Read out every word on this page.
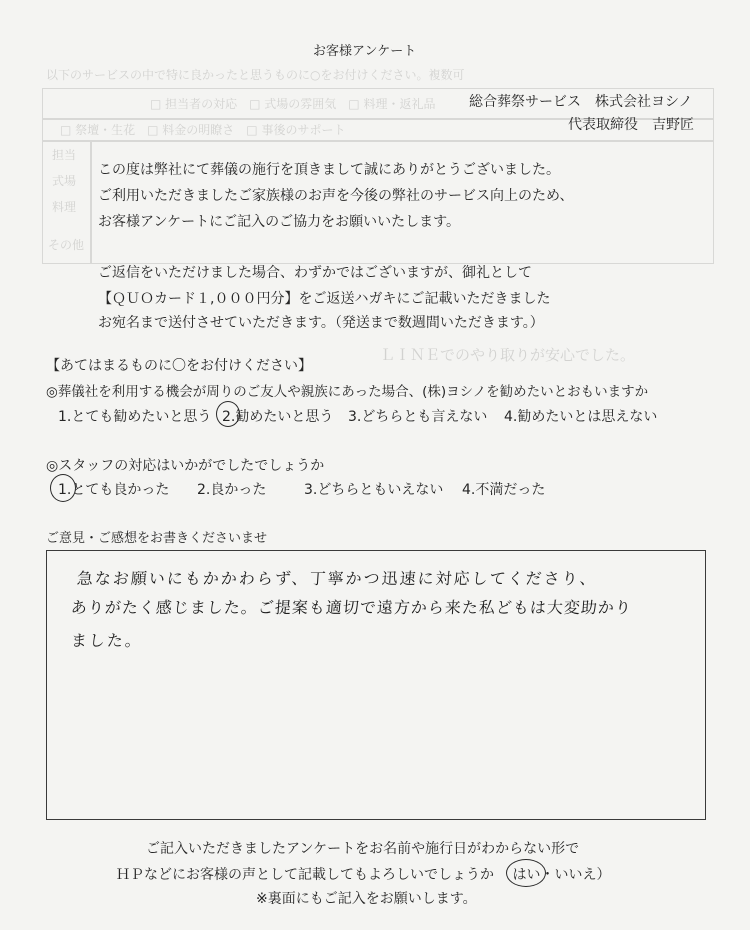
以下のサービスの中で特に良かったと思うものに○をお付けください。複数可
□ 担当者の対応　□ 式場の雰囲気　□ 料理・返礼品
□ 祭壇・生花　□ 料金の明瞭さ　□ 事後のサポート
担当
式場
料理
その他
ＬＩＮＥでのやり取りが安心でした。
お客様アンケート
総合葬祭サービス　株式会社ヨシノ
代表取締役　吉野匠
この度は弊社にて葬儀の施行を頂きまして誠にありがとうございました。
ご利用いただきましたご家族様のお声を今後の弊社のサービス向上のため、
お客様アンケートにご記入のご協力をお願いいたします。
ご返信をいただけました場合、わずかではございますが、御礼として
【ＱＵＯカード１,０００円分】をご返送ハガキにご記載いただきました
お宛名まで送付させていただきます。（発送まで数週間いただきます。）
【あてはまるものに〇をお付けください】
◎葬儀社を利用する機会が周りのご友人や親族にあった場合、(株)ヨシノを勧めたいとおもいますか
1.とても勧めたいと思う 2.勧めたいと思う 3.どちらとも言えない 4.勧めたいとは思えない
◎スタッフの対応はいかがでしたでしょうか
1.とても良かった 2.良かった	3.どちらともいえない 4.不満だった
ご意見・ご感想をお書きくださいませ
急なお願いにもかかわらず、丁寧かつ迅速に対応してくださり、
ありがたく感じました。ご提案も適切で遠方から来た私どもは大変助かり
ました。
ご記入いただきましたアンケートをお名前や施行日がわからない形で
ＨＰなどにお客様の声として記載してもよろしいでしょうか はい
・いいえ）
※裏面にもご記入をお願いします。
